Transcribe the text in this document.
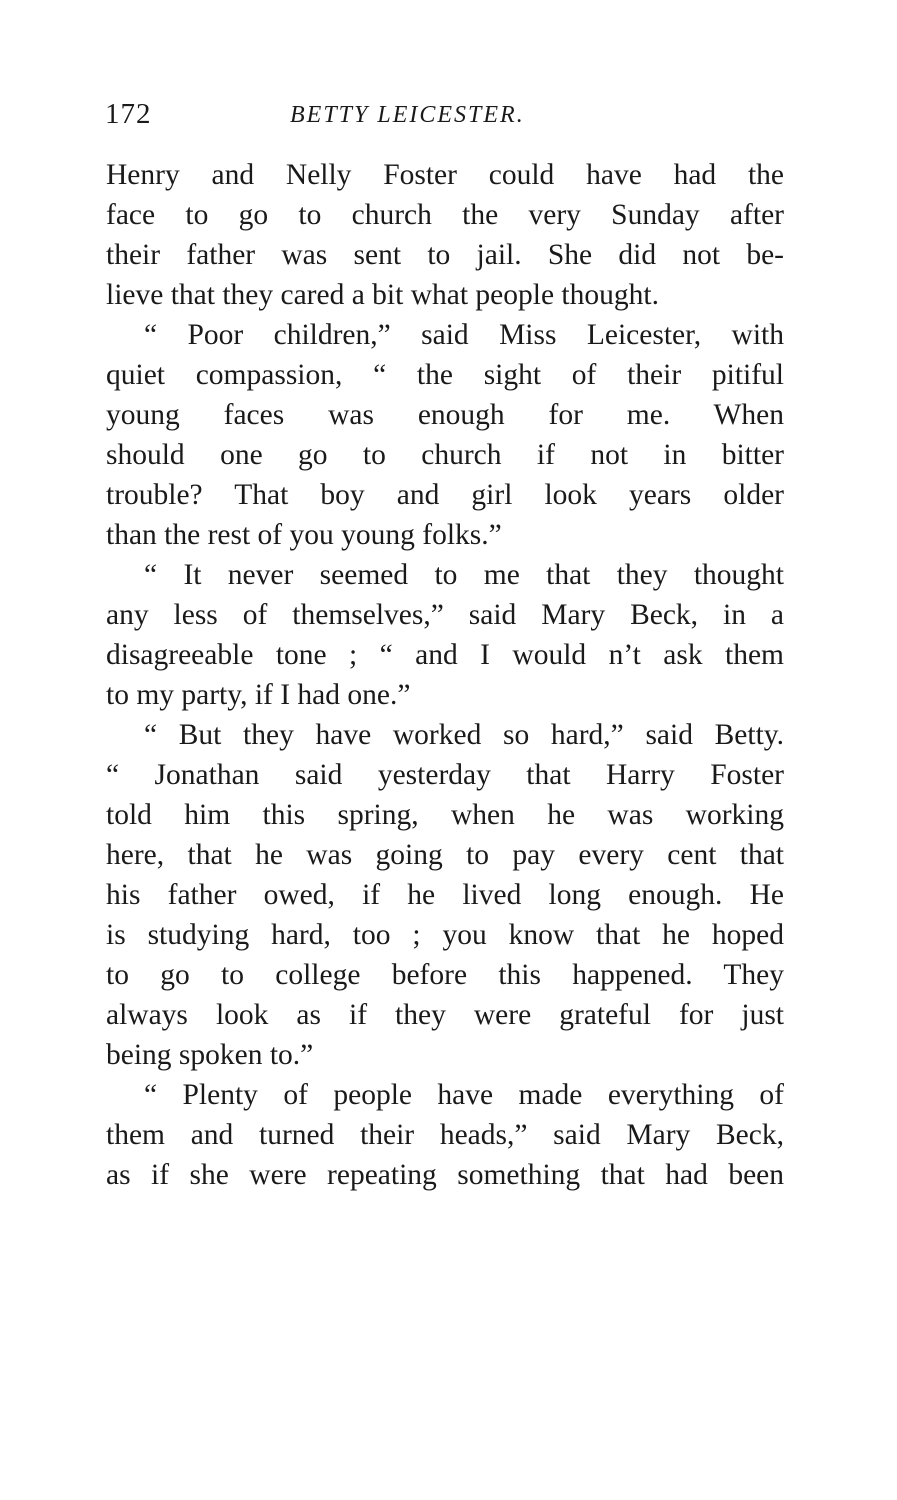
172	BETTY LEICESTER.
Henry and Nelly Foster could have had the
face to go to church the very Sunday after
their father was sent to jail. She did not be-
lieve that they cared a bit what people thought.
“ Poor children,” said Miss Leicester, with
quiet compassion, “ the sight of their pitiful
young faces was enough for me. When
should one go to church if not in bitter
trouble? That boy and girl look years older
than the rest of you young folks.”
“ It never seemed to me that they thought
any less of themselves,” said Mary Beck, in a
disagreeable tone ; “ and I would n’t ask them
to my party, if I had one.”
“ But they have worked so hard,” said Betty.
“ Jonathan said yesterday that Harry Foster
told him this spring, when he was working
here, that he was going to pay every cent that
his father owed, if he lived long enough. He
is studying hard, too ; you know that he hoped
to go to college before this happened. They
always look as if they were grateful for just
being spoken to.”
“ Plenty of people have made everything of
them and turned their heads,” said Mary Beck,
as if she were repeating something that had been
